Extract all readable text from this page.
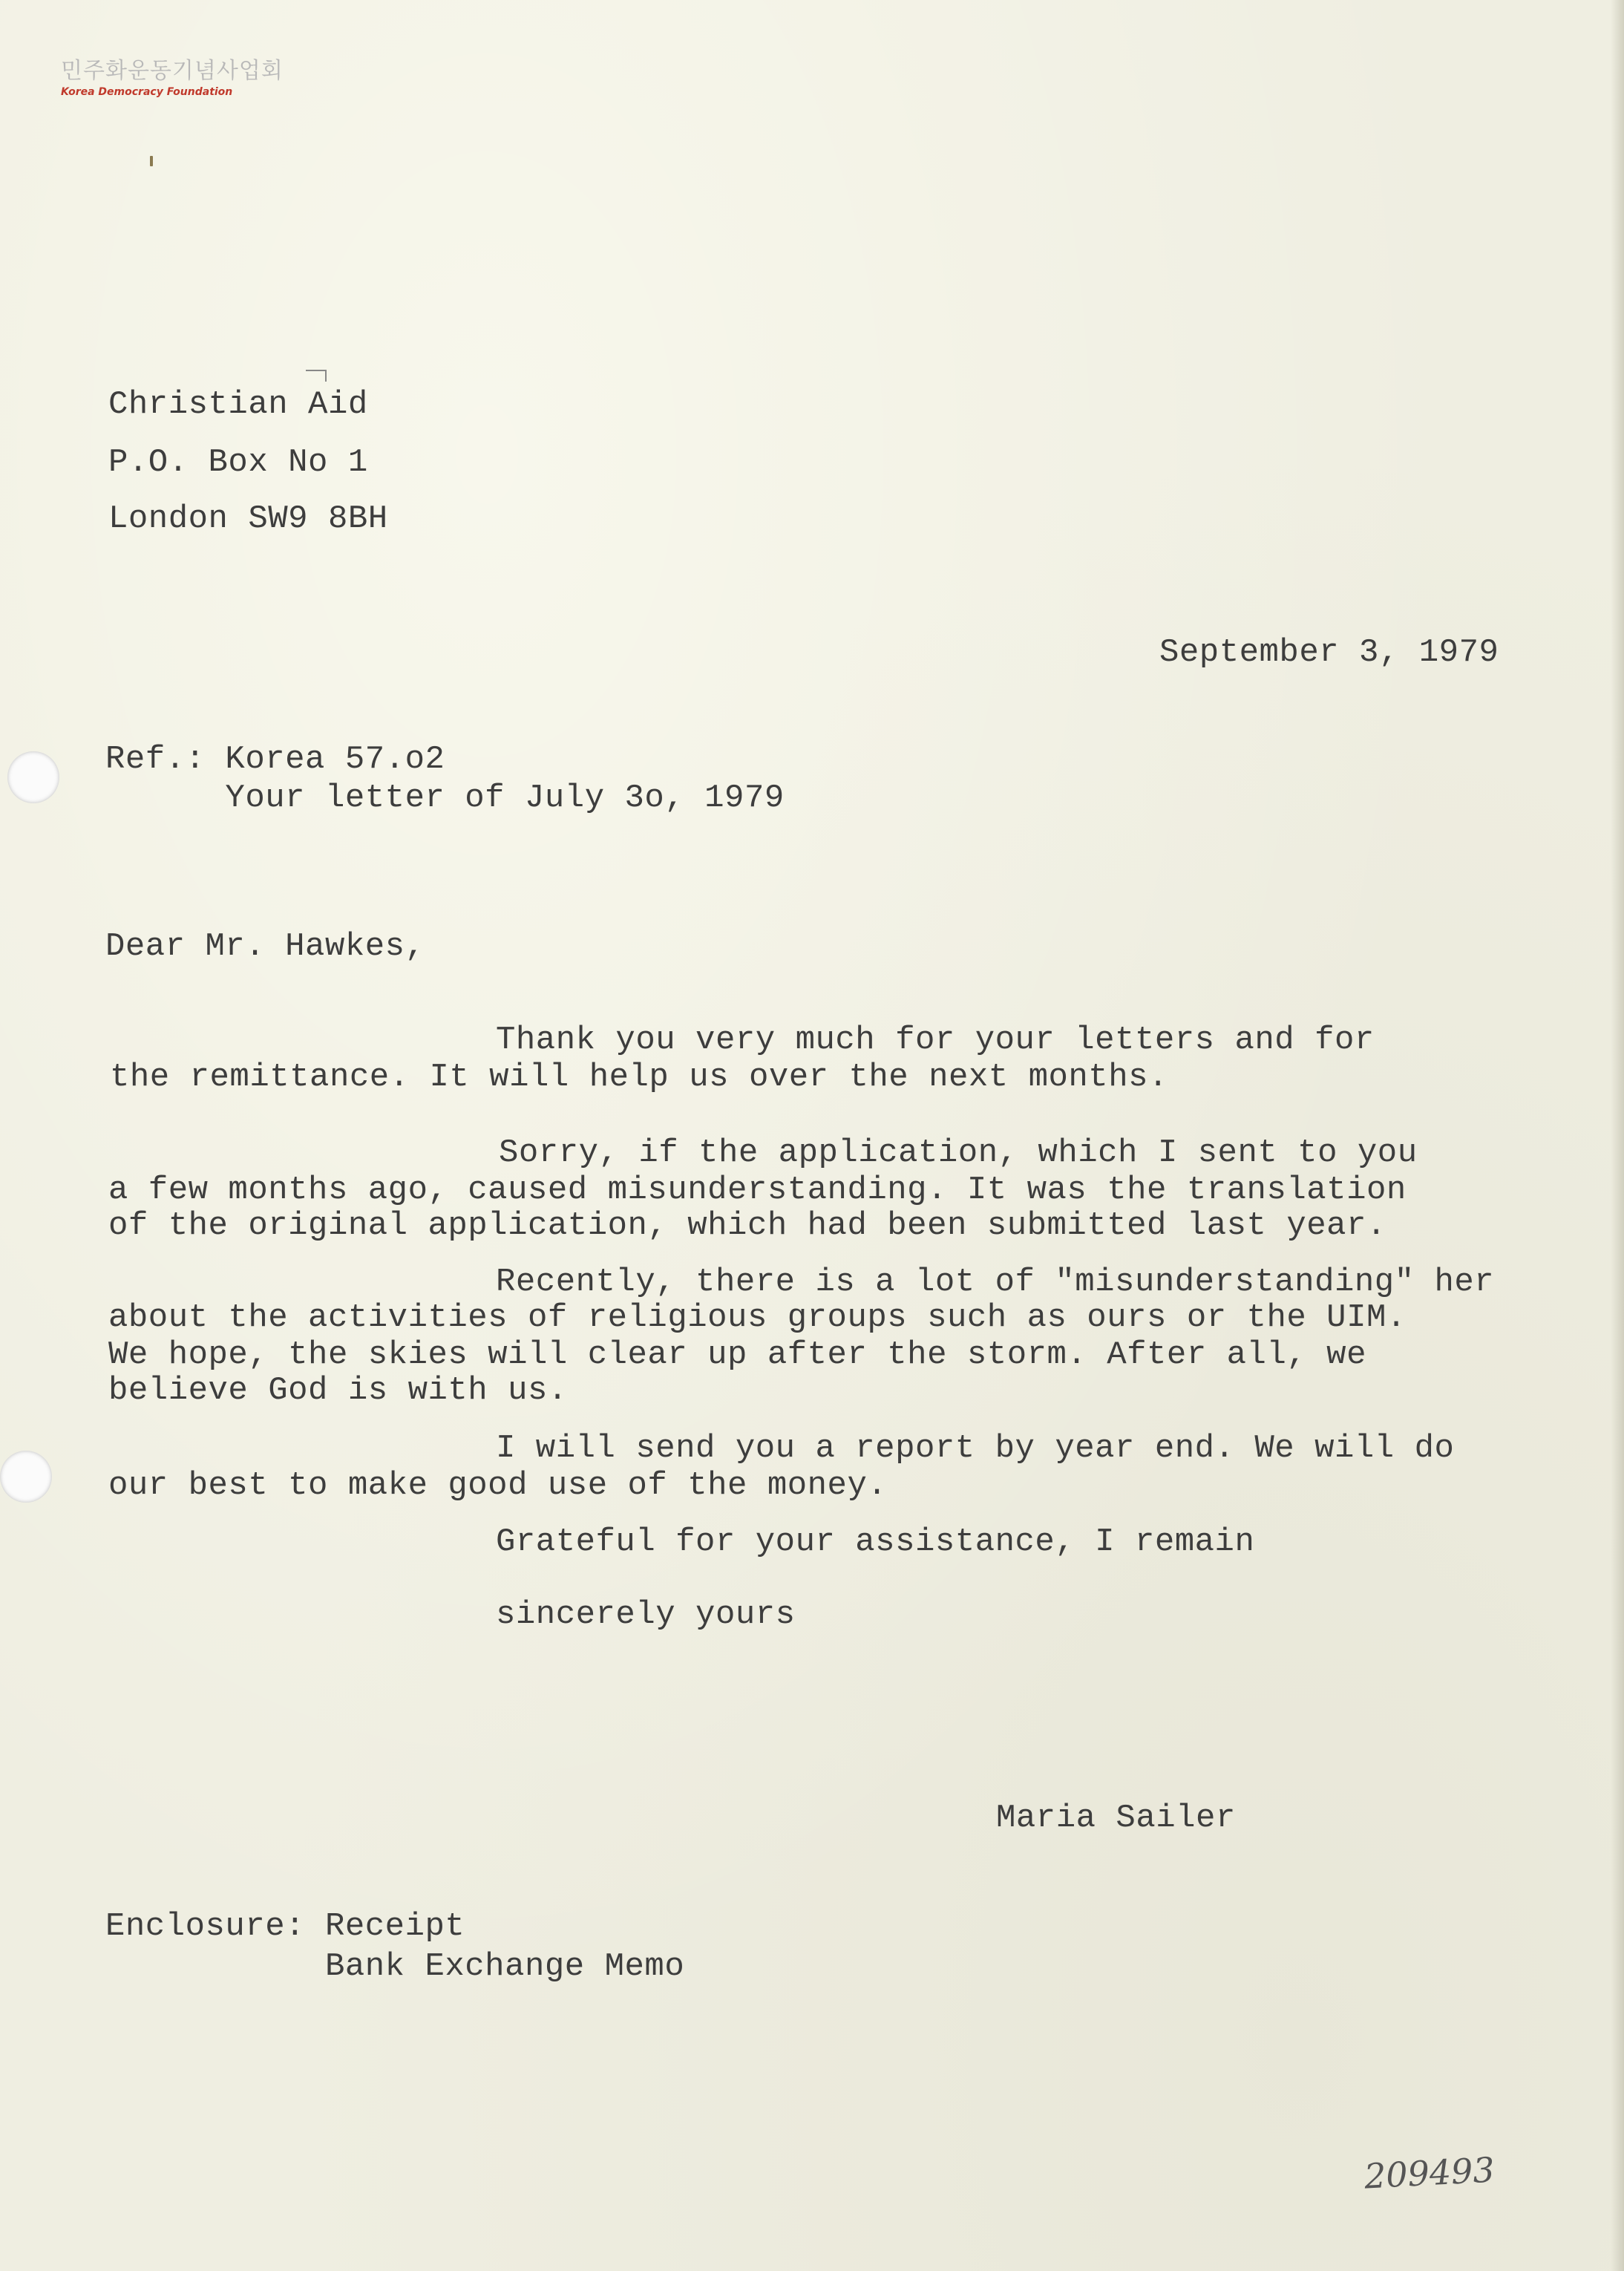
민주화운동기념사업회
Korea Democracy Foundation
Christian Aid
P.O. Box No 1
London SW9 8BH
September 3, 1979
Ref.: Korea 57.o2
Your letter of July 3o, 1979
Dear Mr. Hawkes,
Thank you very much for your letters and for
the remittance. It will help us over the next months.
Sorry, if the application, which I sent to you
a few months ago, caused misunderstanding. It was the translation
of the original application, which had been submitted last year.
Recently, there is a lot of "misunderstanding" her
about the activities of religious groups such as ours or the UIM.
We hope, the skies will clear up after the storm. After all, we
believe God is with us.
I will send you a report by year end. We will do
our best to make good use of the money.
Grateful for your assistance, I remain
sincerely yours
Maria Sailer
Enclosure: Receipt
Bank Exchange Memo
209493
